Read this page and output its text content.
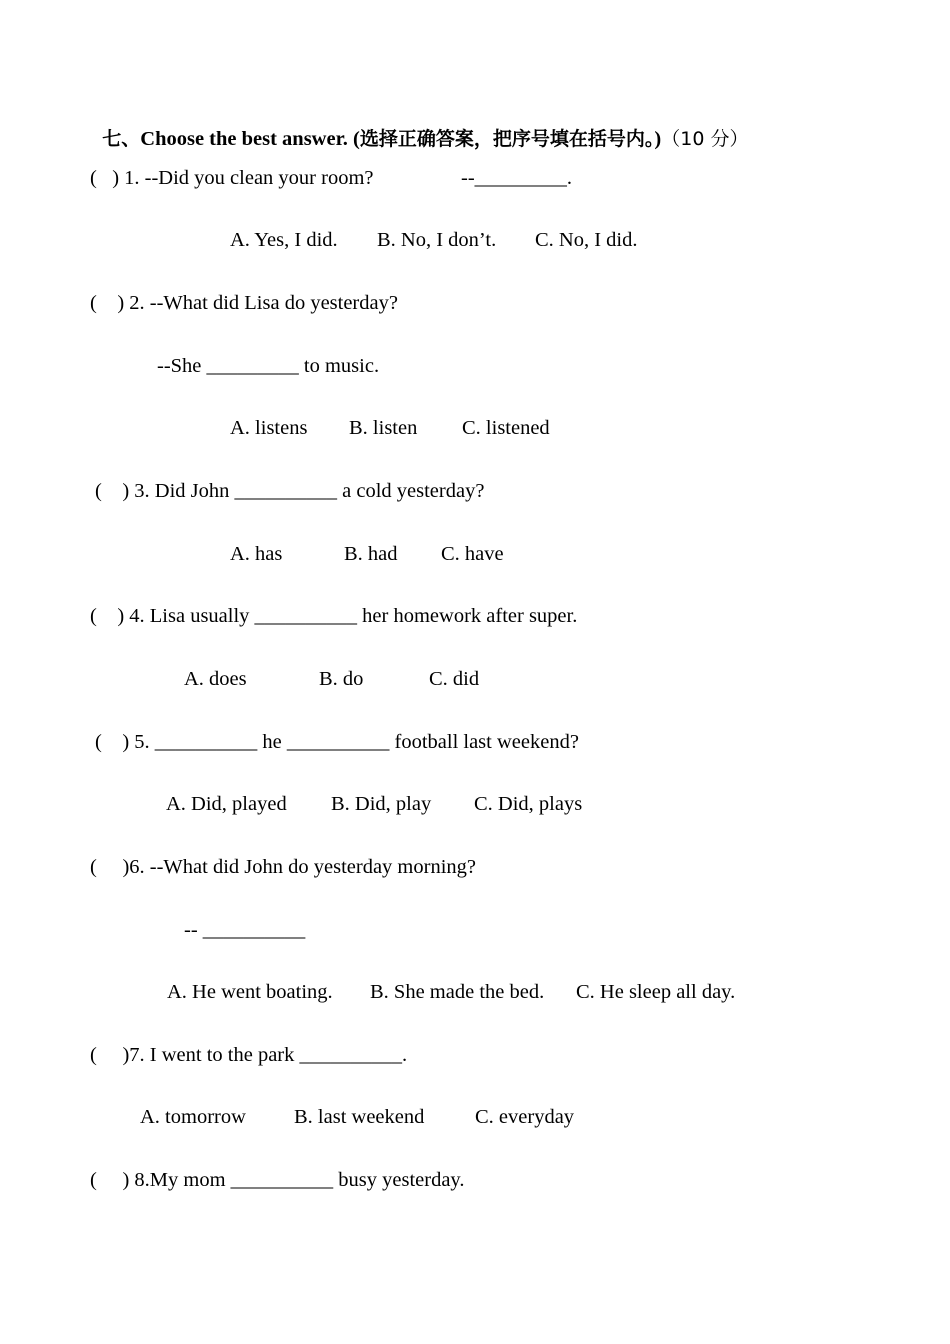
七、Choose the best answer. (选择正确答案，把序号填在括号内。)（10 分）

(   ) 1. --Did you clean your room?	--_________.
A. Yes, I did. B. No, I don’t. C. No, I did.
(    ) 2. --What did Lisa do yesterday?
--She _________ to music.
A. listens B. listen C. listened
(    ) 3. Did John __________ a cold yesterday?
A. has	B. had C. have
(    ) 4. Lisa usually __________ her homework after super.
A. does	B. do	C. did
(    ) 5. __________ he __________ football last weekend?
A. Did, played B. Did, play C. Did, plays
(     )6. --What did John do yesterday morning?
-- __________
A. He went boating. B. She made the bed. C. He sleep all day.
(     )7. I went to the park __________.
A. tomorrow B. last weekend C. everyday
(     ) 8.My mom __________ busy yesterday.
